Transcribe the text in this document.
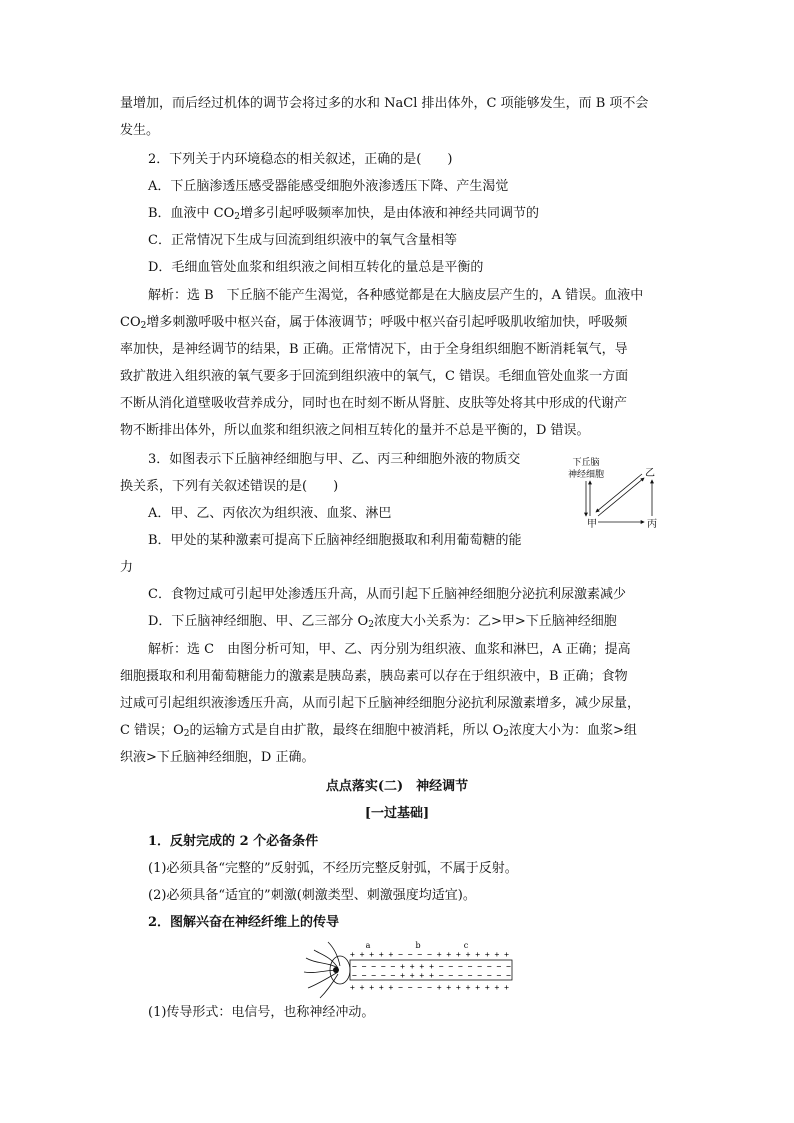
量增加，而后经过机体的调节会将过多的水和 NaCl 排出体外，C 项能够发生，而 B 项不会
发生。
2．下列关于内环境稳态的相关叙述，正确的是(　　)
A．下丘脑渗透压感受器能感受细胞外液渗透压下降、产生渴觉
B．血液中 $CO_2$增多引起呼吸频率加快，是由体液和神经共同调节的
C．正常情况下生成与回流到组织液中的氧气含量相等
D．毛细血管处血浆和组织液之间相互转化的量总是平衡的
解析：选 B　下丘脑不能产生渴觉，各种感觉都是在大脑皮层产生的，A 错误。血液中
$CO_2$增多刺激呼吸中枢兴奋，属于体液调节；呼吸中枢兴奋引起呼吸肌收缩加快，呼吸频
率加快，是神经调节的结果，B 正确。正常情况下，由于全身组织细胞不断消耗氧气，导
致扩散进入组织液的氧气要多于回流到组织液中的氧气，C 错误。毛细血管处血浆一方面
不断从消化道壁吸收营养成分，同时也在时刻不断从肾脏、皮肤等处将其中形成的代谢产
物不断排出体外，所以血浆和组织液之间相互转化的量并不总是平衡的，D 错误。
3．如图表示下丘脑神经细胞与甲、乙、丙三种细胞外液的物质交
换关系，下列有关叙述错误的是(　　)
下丘脑
神经细胞	乙
甲	丙
A．甲、乙、丙依次为组织液、血浆、淋巴
B．甲处的某种激素可提高下丘脑神经细胞摄取和利用葡萄糖的能
力
C．食物过咸可引起甲处渗透压升高，从而引起下丘脑神经细胞分泌抗利尿激素减少
D．下丘脑神经细胞、甲、乙三部分 $O_2$浓度大小关系为：乙>甲>下丘脑神经细胞
解析：选 C　由图分析可知，甲、乙、丙分别为组织液、血浆和淋巴，A 正确；提高
细胞摄取和利用葡萄糖能力的激素是胰岛素，胰岛素可以存在于组织液中，B 正确；食物
过咸可引起组织液渗透压升高，从而引起下丘脑神经细胞分泌抗利尿激素增多，减少尿量，
C 错误；$O_2$的运输方式是自由扩散，最终在细胞中被消耗，所以 $O_2$浓度大小为：血浆>组
织液>下丘脑神经细胞，D 正确。
点点落实(二)　神经调节
[一过基础]
1．反射完成的 2 个必备条件
(1)必须具备“完整的”反射弧，不经历完整反射弧，不属于反射。
(2)必须具备“适宜的”刺激(刺激类型、刺激强度均适宜)。
2．图解兴奋在神经纤维上的传导
a	b	c
+ + + + + − − − − + + + + + + + +
− − − − − + + + + − − − − − − − −
− − − − − + + + + − − − − − − − −
+ + + + + − − − − + + + + + + + +
(1)传导形式：电信号，也称神经冲动。
